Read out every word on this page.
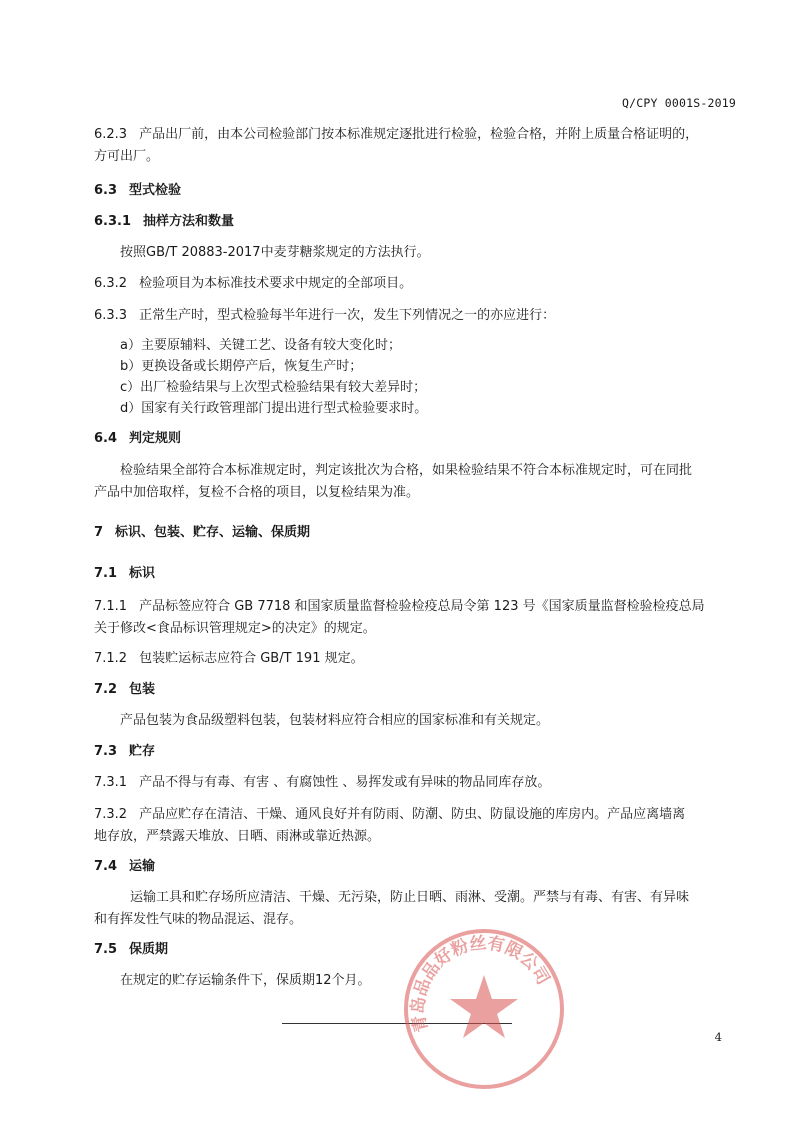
Q/CPY 0001S-2019
6.2.3 产品出厂前，由本公司检验部门按本标准规定逐批进行检验，检验合格，并附上质量合格证明的，
方可出厂。
6.3 型式检验
6.3.1 抽样方法和数量
按照GB/T 20883-2017中麦芽糖浆规定的方法执行。
6.3.2 检验项目为本标准技术要求中规定的全部项目。
6.3.3 正常生产时，型式检验每半年进行一次，发生下列情况之一的亦应进行：
a）主要原辅料、关键工艺、设备有较大变化时；
b）更换设备或长期停产后，恢复生产时；
c）出厂检验结果与上次型式检验结果有较大差异时；
d）国家有关行政管理部门提出进行型式检验要求时。
6.4 判定规则
检验结果全部符合本标准规定时，判定该批次为合格，如果检验结果不符合本标准规定时，可在同批
产品中加倍取样，复检不合格的项目，以复检结果为准。
7 标识、包装、贮存、运输、保质期
7.1 标识
7.1.1 产品标签应符合 GB 7718 和国家质量监督检验检疫总局令第 123 号《国家质量监督检验检疫总局
关于修改<食品标识管理规定>的决定》的规定。
7.1.2 包装贮运标志应符合 GB/T 191 规定。
7.2 包装
产品包装为食品级塑料包装，包装材料应符合相应的国家标准和有关规定。
7.3 贮存
7.3.1 产品不得与有毒、有害 、有腐蚀性 、易挥发或有异味的物品同库存放。
7.3.2 产品应贮存在清洁、干燥、通风良好并有防雨、防潮、防虫、防鼠设施的库房内。产品应离墙离
地存放，严禁露天堆放、日晒、雨淋或靠近热源。
7.4 运输
运输工具和贮存场所应清洁、干燥、无污染，防止日晒、雨淋、受潮。严禁与有毒、有害、有异味
和有挥发性气味的物品混运、混存。
7.5 保质期
在规定的贮存运输条件下，保质期12个月。
4
青岛品品好粉丝有限公司
